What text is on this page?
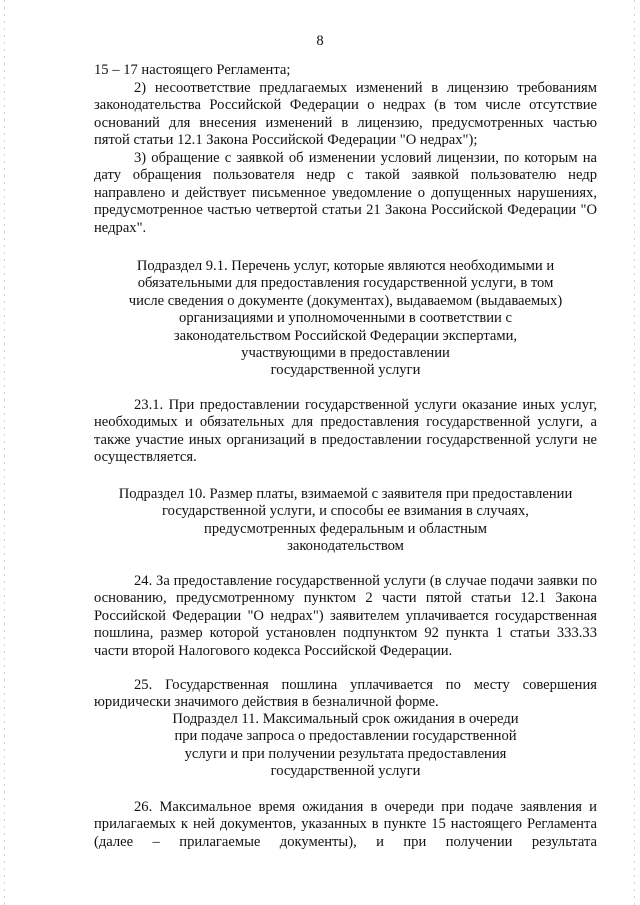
8

15 – 17 настоящего Регламента;

2) несоответствие предлагаемых изменений в лицензию требованиям законодательства Российской Федерации о недрах (в том числе отсутствие оснований для внесения изменений в лицензию, предусмотренных частью пятой статьи 12.1 Закона Российской Федерации "О недрах");

3) обращение с заявкой об изменении условий лицензии, по которым на дату обращения пользователя недр с такой заявкой пользователю недр направлено и действует письменное уведомление о допущенных нарушениях, предусмотренное частью четвертой статьи 21 Закона Российской Федерации "О недрах".

Подраздел 9.1. Перечень услуг, которые являются необходимыми и
обязательными для предоставления государственной услуги, в том
числе сведения о документе (документах), выдаваемом (выдаваемых)
организациями и уполномоченными в соответствии с
законодательством Российской Федерации экспертами,
участвующими в предоставлении
государственной услуги

23.1. При предоставлении государственной услуги оказание иных услуг, необходимых и обязательных для предоставления государственной услуги, а также участие иных организаций в предоставлении государственной услуги не осуществляется.

Подраздел 10. Размер платы, взимаемой с заявителя при предоставлении
государственной услуги, и способы ее взимания в случаях,
предусмотренных федеральным и областным
законодательством

24. За предоставление государственной услуги (в случае подачи заявки по основанию, предусмотренному пунктом 2 части пятой статьи 12.1 Закона Российской Федерации "О недрах") заявителем уплачивается государственная пошлина, размер которой установлен подпунктом 92 пункта 1 статьи 333.33 части второй Налогового кодекса Российской Федерации.

25. Государственная пошлина уплачивается по месту совершения юридически значимого действия в безналичной форме.

Подраздел 11. Максимальный срок ожидания в очереди
при подаче запроса о предоставлении государственной
услуги и при получении результата предоставления
государственной услуги

26. Максимальное время ожидания в очереди при подаче заявления и прилагаемых к ней документов, указанных в пункте 15 настоящего Регламента (далее – прилагаемые документы), и при получении результата
